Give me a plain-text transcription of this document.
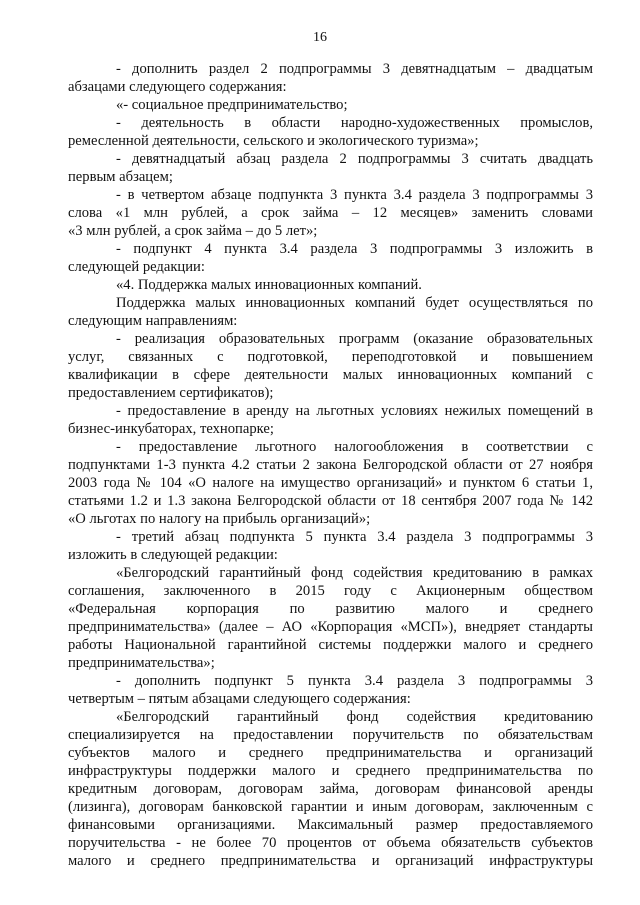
16
- дополнить раздел 2 подпрограммы 3 девятнадцатым – двадцатым
абзацами следующего содержания:
«- социальное предпринимательство;
- деятельность в области народно-художественных промыслов,
ремесленной деятельности, сельского и экологического туризма»;
- девятнадцатый абзац раздела 2 подпрограммы 3 считать двадцать
первым абзацем;
- в четвертом абзаце подпункта 3 пункта 3.4 раздела 3 подпрограммы 3
слова «1 млн рублей, а срок займа – 12 месяцев» заменить словами
«3 млн рублей, а срок займа – до 5 лет»;
- подпункт 4 пункта 3.4 раздела 3 подпрограммы 3 изложить в
следующей редакции:
«4. Поддержка малых инновационных компаний.
Поддержка малых инновационных компаний будет осуществляться по
следующим направлениям:
- реализация образовательных программ (оказание образовательных
услуг, связанных с подготовкой, переподготовкой и повышением
квалификации в сфере деятельности малых инновационных компаний с
предоставлением сертификатов);
- предоставление в аренду на льготных условиях нежилых помещений в
бизнес-инкубаторах, технопарке;
- предоставление льготного налогообложения в соответствии с
подпунктами 1-3 пункта 4.2 статьи 2 закона Белгородской области от 27 ноября
2003 года № 104 «О налоге на имущество организаций» и пунктом 6 статьи 1,
статьями 1.2 и 1.3 закона Белгородской области от 18 сентября 2007 года № 142
«О льготах по налогу на прибыль организаций»;
- третий абзац подпункта 5 пункта 3.4 раздела 3 подпрограммы 3
изложить в следующей редакции:
«Белгородский гарантийный фонд содействия кредитованию в рамках
соглашения, заключенного в 2015 году с Акционерным обществом
«Федеральная корпорация по развитию малого и среднего
предпринимательства» (далее – АО «Корпорация «МСП»), внедряет стандарты
работы Национальной гарантийной системы поддержки малого и среднего
предпринимательства»;
- дополнить подпункт 5 пункта 3.4 раздела 3 подпрограммы 3
четвертым – пятым абзацами следующего содержания:
«Белгородский гарантийный фонд содействия кредитованию
специализируется на предоставлении поручительств по обязательствам
субъектов малого и среднего предпринимательства и организаций
инфраструктуры поддержки малого и среднего предпринимательства по
кредитным договорам, договорам займа, договорам финансовой аренды
(лизинга), договорам банковской гарантии и иным договорам, заключенным с
финансовыми организациями. Максимальный размер предоставляемого
поручительства - не более 70 процентов от объема обязательств субъектов
малого и среднего предпринимательства и организаций инфраструктуры
